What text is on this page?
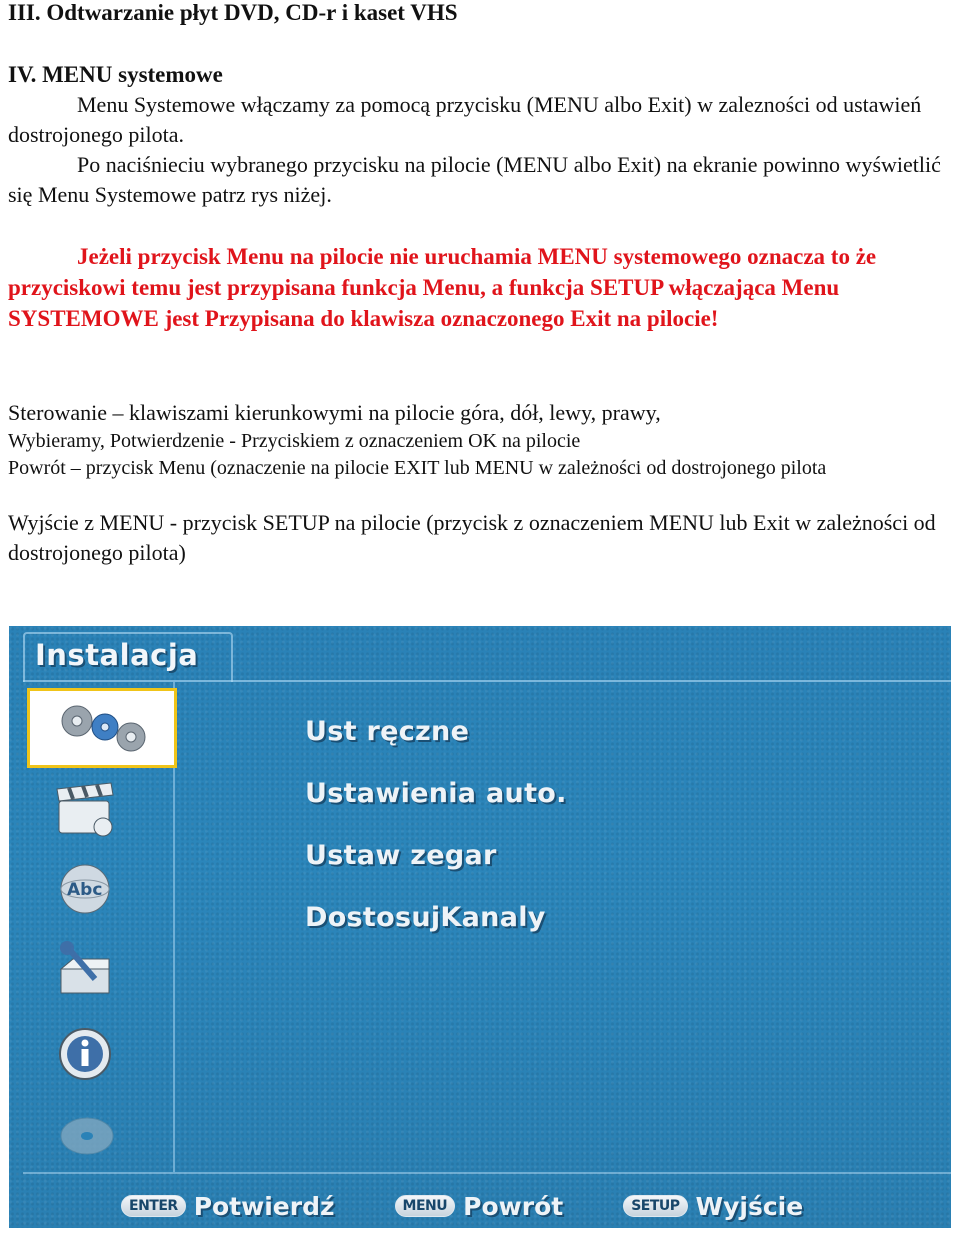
III. Odtwarzanie płyt DVD, CD-r i kaset VHS
IV. MENU systemowe
Menu Systemowe włączamy za pomocą przycisku (MENU albo Exit) w zalezności od ustawień dostrojonego pilota.
Po naciśnieciu wybranego przycisku na pilocie (MENU albo Exit) na ekranie powinno wyświetlić się Menu Systemowe patrz rys niżej.
Jeżeli przycisk Menu na pilocie nie uruchamia MENU systemowego oznacza to że przyciskowi temu jest przypisana funkcja Menu, a funkcja SETUP włączająca Menu SYSTEMOWE jest Przypisana do klawisza oznaczonego Exit na pilocie!
Sterowanie – klawiszami kierunkowymi na pilocie góra, dół, lewy, prawy,
Wybieramy, Potwierdzenie - Przyciskiem z oznaczeniem OK na pilocie
Powrót – przycisk Menu (oznaczenie na pilocie EXIT lub MENU w zależności od dostrojonego pilota
Wyjście z MENU - przycisk SETUP na pilocie (przycisk z oznaczeniem MENU lub Exit w zależności od dostrojonego pilota)
Instalacja
Abc
Ust ręczne
Ustawienia auto.
Ustaw zegar
DostosujKanaly
ENTER Potwierdź	MENU Powrót	SETUP Wyjście
